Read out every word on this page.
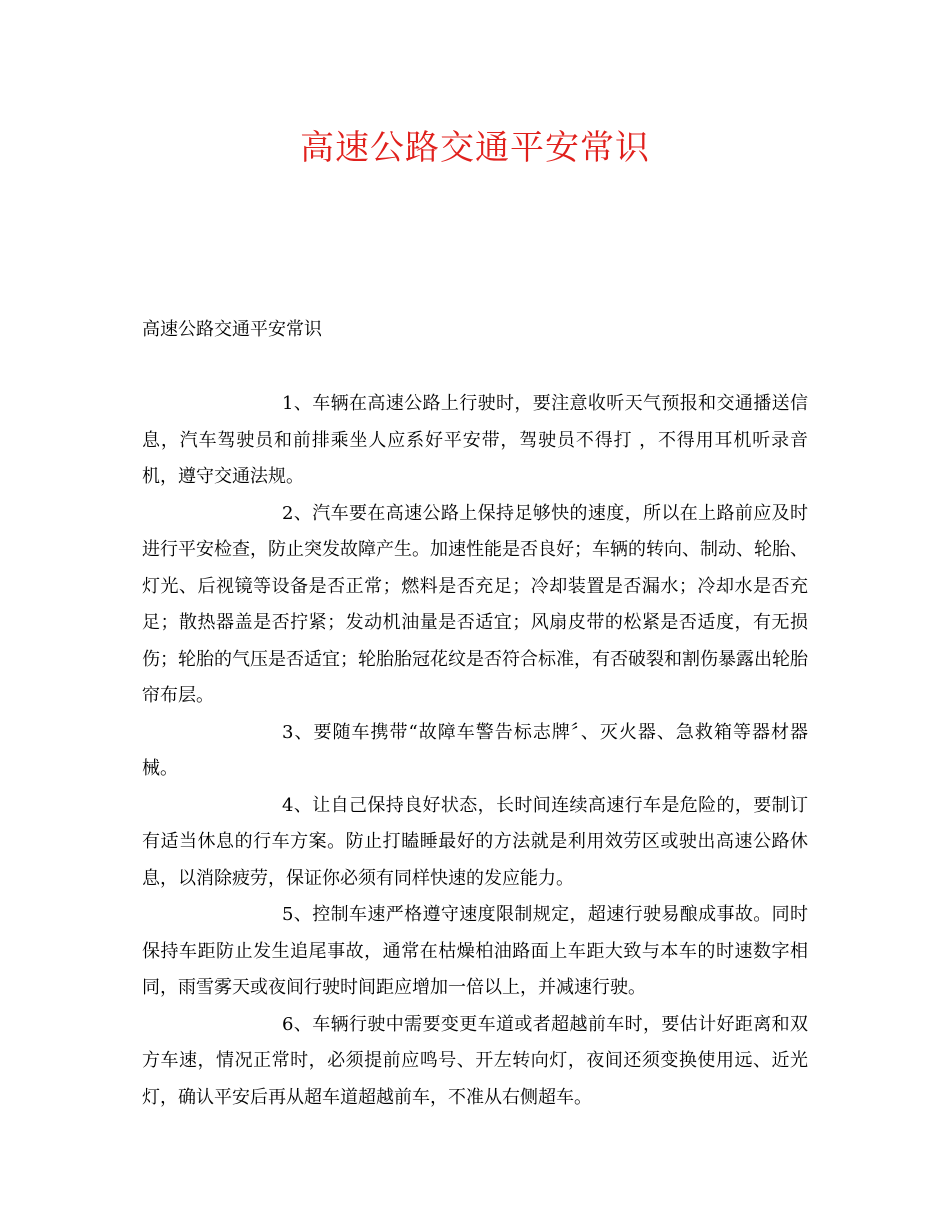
高速公路交通平安常识

高速公路交通平安常识

1、车辆在高速公路上行驶时，要注意收听天气预报和交通播送信息，汽车驾驶员和前排乘坐人应系好平安带，驾驶员不得打 ，不得用耳机听录音机，遵守交通法规。

2、汽车要在高速公路上保持足够快的速度，所以在上路前应及时进行平安检查，防止突发故障产生。加速性能是否良好；车辆的转向、制动、轮胎、灯光、后视镜等设备是否正常；燃料是否充足；冷却装置是否漏水；冷却水是否充足；散热器盖是否拧紧；发动机油量是否适宜；风扇皮带的松紧是否适度，有无损伤；轮胎的气压是否适宜；轮胎胎冠花纹是否符合标准，有否破裂和割伤暴露出轮胎帘布层。

3、要随车携带“故障车警告标志牌〞、灭火器、急救箱等器材器械。

4、让自己保持良好状态，长时间连续高速行车是危险的，要制订有适当休息的行车方案。防止打瞌睡最好的方法就是利用效劳区或驶出高速公路休息，以消除疲劳，保证你必须有同样快速的发应能力。

5、控制车速严格遵守速度限制规定，超速行驶易酿成事故。同时保持车距防止发生追尾事故，通常在枯燥柏油路面上车距大致与本车的时速数字相同，雨雪雾天或夜间行驶时间距应增加一倍以上，并减速行驶。

6、车辆行驶中需要变更车道或者超越前车时，要估计好距离和双方车速，情况正常时，必须提前应鸣号、开左转向灯，夜间还须变换使用远、近光灯，确认平安后再从超车道超越前车，不准从右侧超车。
